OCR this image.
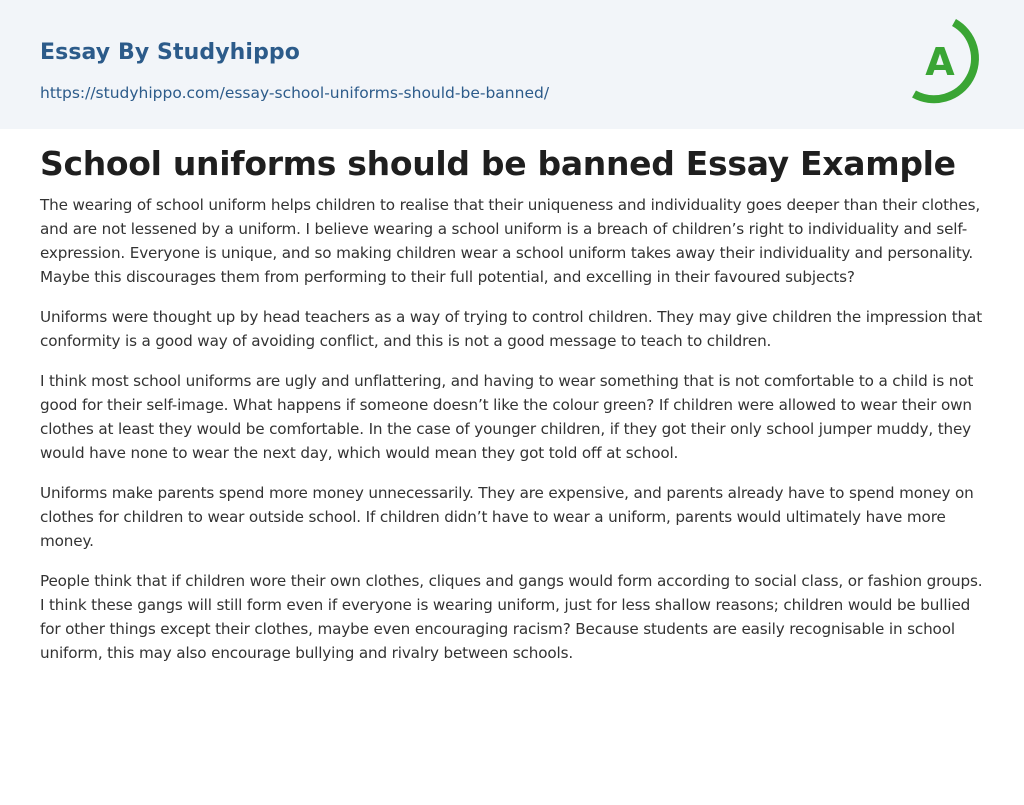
Essay By Studyhippo
https://studyhippo.com/essay-school-uniforms-should-be-banned/
A
School uniforms should be banned Essay Example

The wearing of school uniform helps children to realise that their uniqueness and individuality goes deeper than their clothes, and are not lessened by a uniform. I believe wearing a school uniform is a breach of children’s right to individuality and self-expression. Everyone is unique, and so making children wear a school uniform takes away their individuality and personality. Maybe this discourages them from performing to their full potential, and excelling in their favoured subjects?

Uniforms were thought up by head teachers as a way of trying to control children. They may give children the impression that conformity is a good way of avoiding conflict, and this is not a good message to teach to children.

I think most school uniforms are ugly and unflattering, and having to wear something that is not comfortable to a child is not good for their self-image. What happens if someone doesn’t like the colour green? If children were allowed to wear their own clothes at least they would be comfortable. In the case of younger children, if they got their only school jumper muddy, they would have none to wear the next day, which would mean they got told off at school.

Uniforms make parents spend more money unnecessarily. They are expensive, and parents already have to spend money on clothes for children to wear outside school. If children didn’t have to wear a uniform, parents would ultimately have more money.

People think that if children wore their own clothes, cliques and gangs would form according to social class, or fashion groups. I think these gangs will still form even if everyone is wearing uniform, just for less shallow reasons; children would be bullied for other things except their clothes, maybe even encouraging racism? Because students are easily recognisable in school uniform, this may also encourage bullying and rivalry between schools.
